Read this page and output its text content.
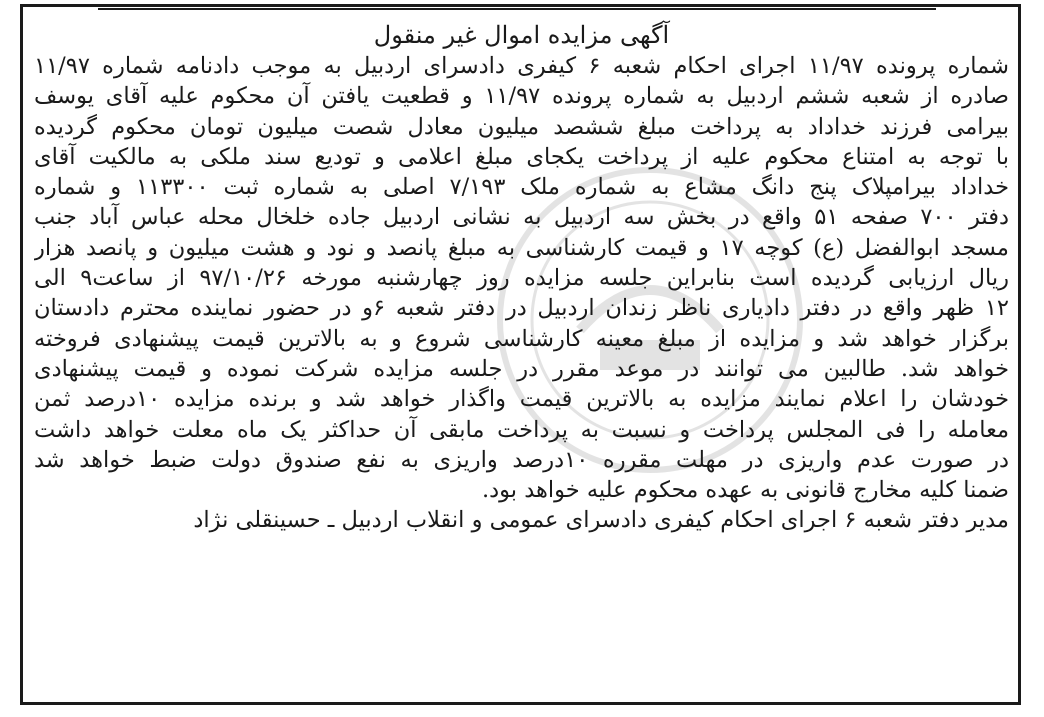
آگهی مزایده اموال غیر منقول
شماره پرونده ۱۱/۹۷ اجرای احکام شعبه ۶ کیفری دادسرای اردبیل به موجب دادنامه شماره ۱۱/۹۷
صادره از شعبه ششم اردبیل به شماره پرونده ۱۱/۹۷ و قطعیت یافتن آن محکوم علیه آقای یوسف
بیرامی فرزند خداداد به پرداخت مبلغ ششصد میلیون معادل شصت میلیون تومان محکوم گردیده
با توجه به امتناع محکوم علیه از پرداخت یکجای مبلغ اعلامی و تودیع سند ملکی به مالکیت آقای
خداداد بیرامپلاک پنج دانگ مشاع به شماره ملک ۷/۱۹۳ اصلی به شماره ثبت ۱۱۳۳۰۰ و شماره
دفتر ۷۰۰ صفحه ۵۱ واقع در بخش سه اردبیل به نشانی اردبیل جاده خلخال محله عباس آباد جنب
مسجد ابوالفضل (ع) کوچه ۱۷ و قیمت کارشناسی به مبلغ پانصد و نود و هشت میلیون و پانصد هزار
ریال ارزیابی گردیده است بنابراین جلسه مزایده روز چهارشنبه مورخه ۹۷/۱۰/۲۶ از ساعت۹ الی
۱۲ ظهر واقع در دفتر دادیاری ناظر زندان اردبیل در دفتر شعبه ۶و در حضور نماینده محترم دادستان
برگزار خواهد شد و مزایده از مبلغ معینه کارشناسی شروع و به بالاترین قیمت پیشنهادی فروخته
خواهد شد. طالبین می توانند در موعد مقرر در جلسه مزایده شرکت نموده و قیمت پیشنهادی
خودشان را اعلام نمایند مزایده به بالاترین قیمت واگذار خواهد شد و برنده مزایده ۱۰درصد ثمن
معامله را فی المجلس پرداخت و نسبت به پرداخت مابقی آن حداکثر یک ماه معلت خواهد داشت
در صورت عدم واریزی در مهلت مقرره ۱۰درصد واریزی به نفع صندوق دولت ضبط خواهد شد
ضمنا کلیه مخارج قانونی به عهده محکوم علیه خواهد بود.
مدیر دفتر شعبه ۶ اجرای احکام کیفری دادسرای عمومی و انقلاب اردبیل ـ حسینقلی نژاد
